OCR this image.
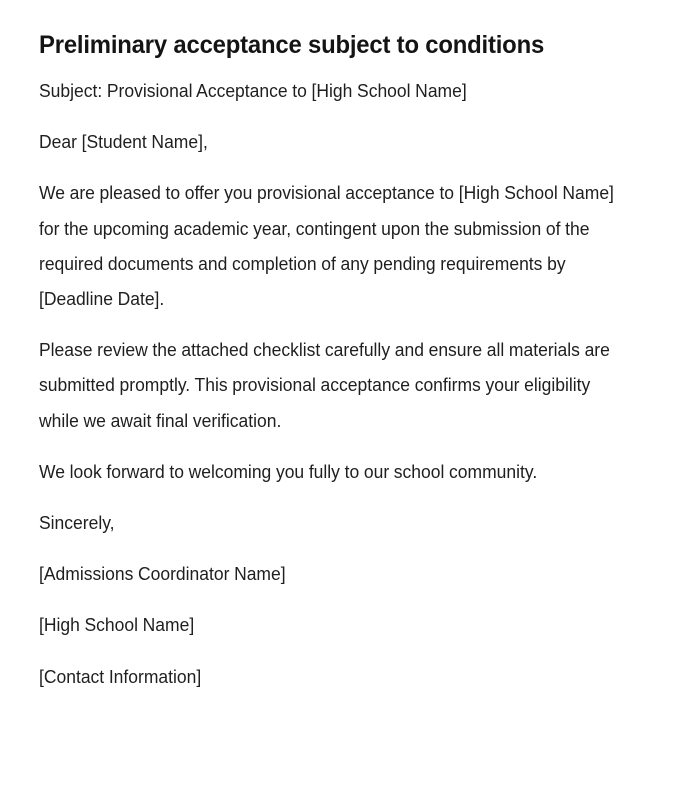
Preliminary acceptance subject to conditions

Subject: Provisional Acceptance to [High School Name]

Dear [Student Name],

We are pleased to offer you provisional acceptance to [High School Name] for the upcoming academic year, contingent upon the submission of the required documents and completion of any pending requirements by [Deadline Date].

Please review the attached checklist carefully and ensure all materials are submitted promptly. This provisional acceptance confirms your eligibility while we await final verification.

We look forward to welcoming you fully to our school community.

Sincerely,

[Admissions Coordinator Name]

[High School Name]

[Contact Information]
